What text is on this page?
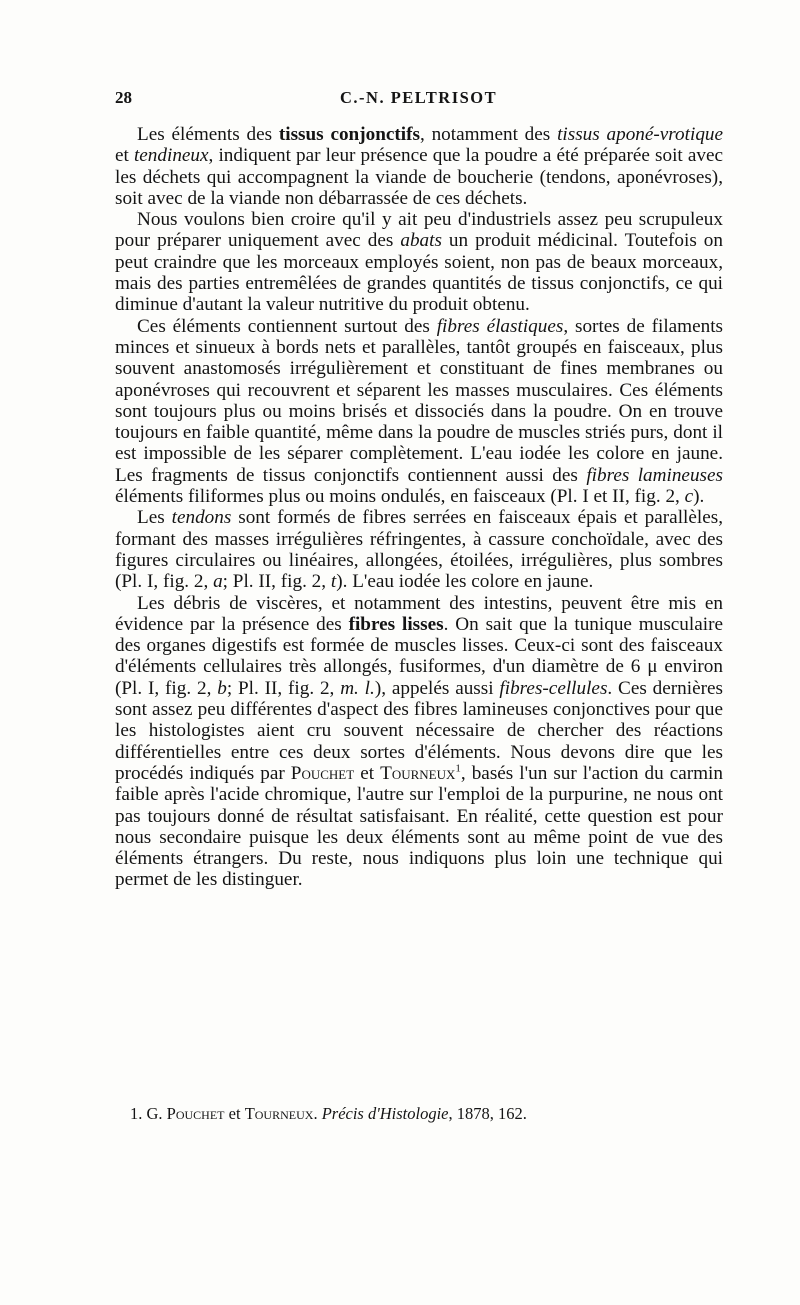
28	C.-N. PELTRISOT

Les éléments des tissus conjonctifs, notamment des tissus aponé-vrotique et tendineux, indiquent par leur présence que la poudre a été préparée soit avec les déchets qui accompagnent la viande de boucherie (tendons, aponévroses), soit avec de la viande non débarrassée de ces déchets.

Nous voulons bien croire qu'il y ait peu d'industriels assez peu scrupuleux pour préparer uniquement avec des abats un produit médicinal. Toutefois on peut craindre que les morceaux employés soient, non pas de beaux morceaux, mais des parties entremêlées de grandes quantités de tissus conjonctifs, ce qui diminue d'autant la valeur nutritive du produit obtenu.

Ces éléments contiennent surtout des fibres élastiques, sortes de filaments minces et sinueux à bords nets et parallèles, tantôt groupés en faisceaux, plus souvent anastomosés irrégulièrement et constituant de fines membranes ou aponévroses qui recouvrent et séparent les masses musculaires. Ces éléments sont toujours plus ou moins brisés et dissociés dans la poudre. On en trouve toujours en faible quantité, même dans la poudre de muscles striés purs, dont il est impossible de les séparer complètement. L'eau iodée les colore en jaune. Les fragments de tissus conjonctifs contiennent aussi des fibres lamineuses éléments filiformes plus ou moins ondulés, en faisceaux (Pl. I et II, fig. 2, c).

Les tendons sont formés de fibres serrées en faisceaux épais et parallèles, formant des masses irrégulières réfringentes, à cassure conchoïdale, avec des figures circulaires ou linéaires, allongées, étoilées, irrégulières, plus sombres (Pl. I, fig. 2, a; Pl. II, fig. 2, t). L'eau iodée les colore en jaune.

Les débris de viscères, et notamment des intestins, peuvent être mis en évidence par la présence des fibres lisses. On sait que la tunique musculaire des organes digestifs est formée de muscles lisses. Ceux-ci sont des faisceaux d'éléments cellulaires très allongés, fusiformes, d'un diamètre de 6 μ environ (Pl. I, fig. 2, b; Pl. II, fig. 2, m. l.), appelés aussi fibres-cellules. Ces dernières sont assez peu différentes d'aspect des fibres lamineuses conjonctives pour que les histologistes aient cru souvent nécessaire de chercher des réactions différentielles entre ces deux sortes d'éléments. Nous devons dire que les procédés indiqués par Pouchet et Tourneux$^1$, basés l'un sur l'action du carmin faible après l'acide chromique, l'autre sur l'emploi de la purpurine, ne nous ont pas toujours donné de résultat satisfaisant. En réalité, cette question est pour nous secondaire puisque les deux éléments sont au même point de vue des éléments étrangers. Du reste, nous indiquons plus loin une technique qui permet de les distinguer.

1. G. Pouchet et Tourneux. Précis d'Histologie, 1878, 162.
